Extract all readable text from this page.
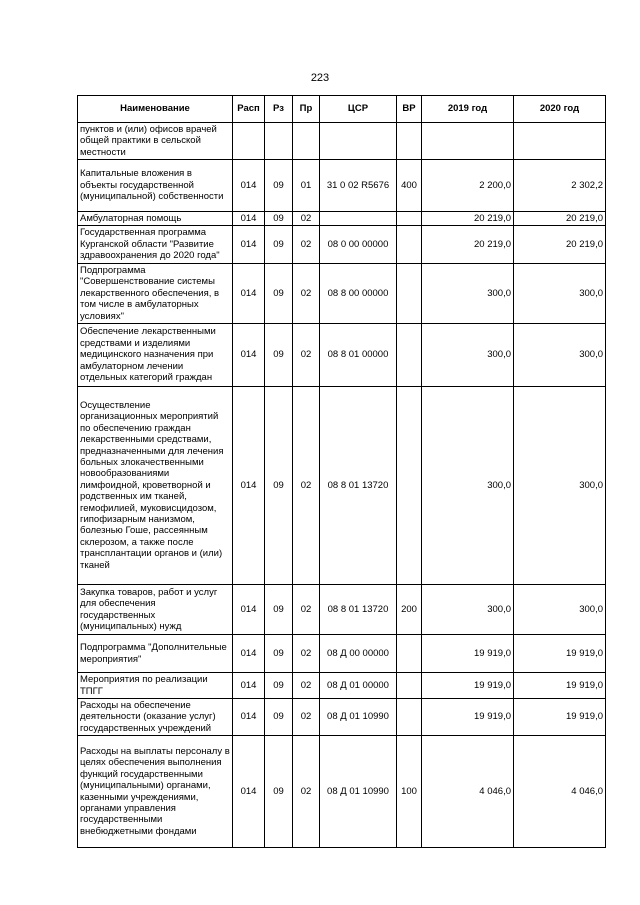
223
Наименование	Расп	Рз	Пр	ЦСР	ВР	2019 год	2020 год
пунктов и (или) офисов врачей общей практики в сельской местности							
Капитальные вложения в объекты государственной (муниципальной) собственности	014	09	01	31 0 02 R5676	400	2 200,0	2 302,2
Амбулаторная помощь	014	09	02			20 219,0	20 219,0
Государственная программа Курганской области "Развитие здравоохранения до 2020 года"	014	09	02	08 0 00 00000		20 219,0	20 219,0
Подпрограмма "Совершенствование системы лекарственного обеспечения, в том числе в амбулаторных условиях"	014	09	02	08 8 00 00000		300,0	300,0
Обеспечение лекарственными средствами и изделиями медицинского назначения при амбулаторном лечении отдельных категорий граждан	014	09	02	08 8 01 00000		300,0	300,0
Осуществление организационных мероприятий по обеспечению граждан лекарственными средствами, предназначенными для лечения больных злокачественными новообразованиями лимфоидной, кроветворной и родственных им тканей, гемофилией, муковисцидозом, гипофизарным нанизмом, болезнью Гоше, рассеянным склерозом, а также после трансплантации органов и (или) тканей	014	09	02	08 8 01 13720		300,0	300,0
Закупка товаров, работ и услуг для обеспечения государственных (муниципальных) нужд	014	09	02	08 8 01 13720	200	300,0	300,0
Подпрограмма "Дополнительные мероприятия"	014	09	02	08 Д 00 00000		19 919,0	19 919,0
Мероприятия по реализации ТПГГ	014	09	02	08 Д 01 00000		19 919,0	19 919,0
Расходы на обеспечение деятельности (оказание услуг) государственных учреждений	014	09	02	08 Д 01 10990		19 919,0	19 919,0
Расходы на выплаты персоналу в целях обеспечения выполнения функций государственными (муниципальными) органами, казенными учреждениями, органами управления государственными внебюджетными фондами	014	09	02	08 Д 01 10990	100	4 046,0	4 046,0
